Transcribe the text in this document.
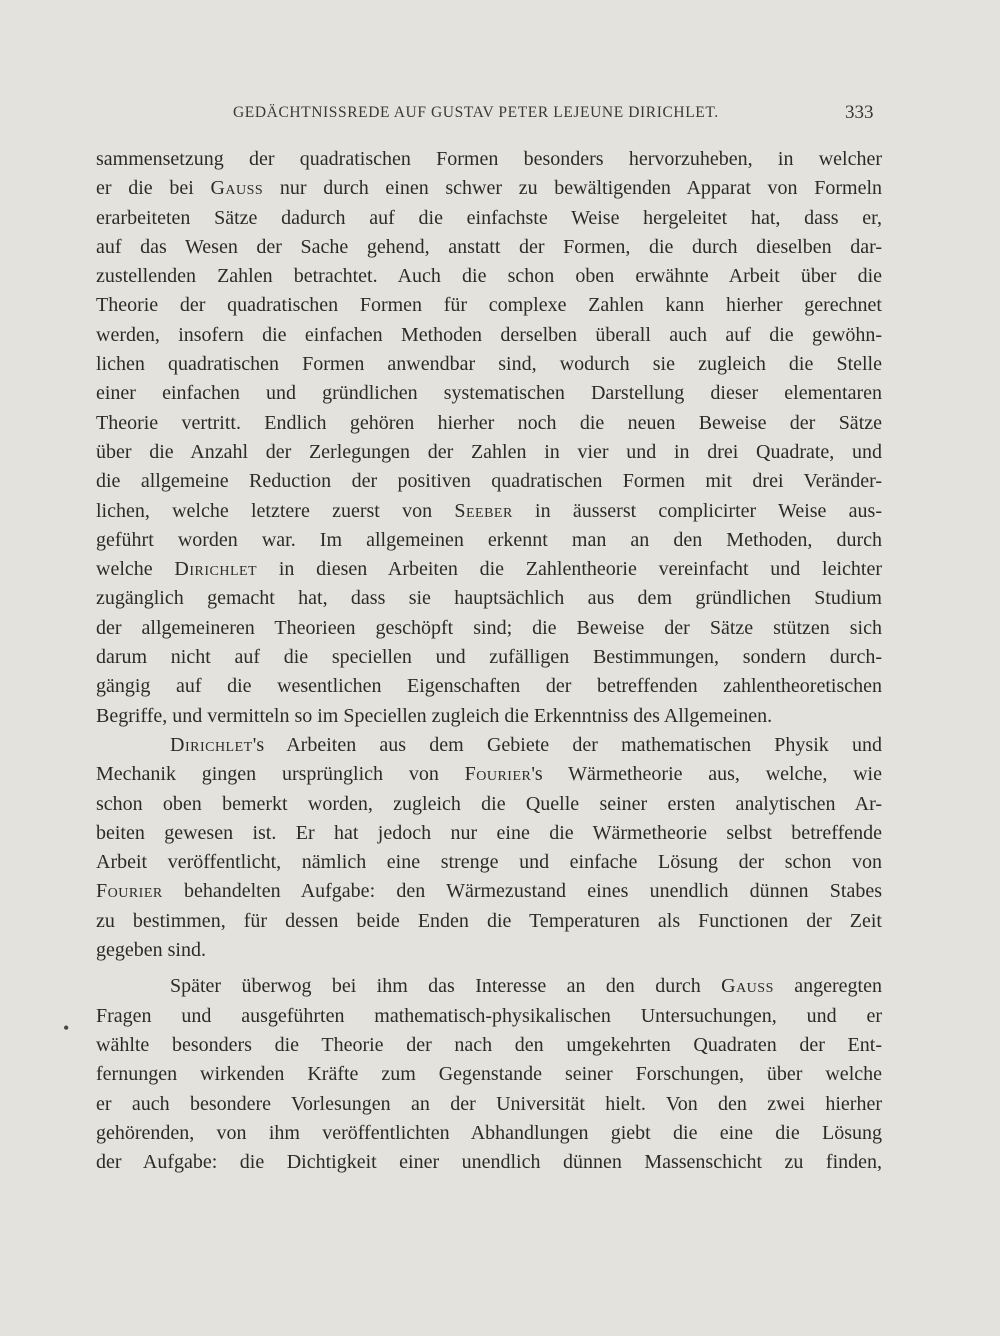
GEDÄCHTNISSREDE AUF GUSTAV PETER LEJEUNE DIRICHLET.	333
•
sammensetzung der quadratischen Formen besonders hervorzuheben, in welcher
er die bei Gauss nur durch einen schwer zu bewältigenden Apparat von Formeln
erarbeiteten Sätze dadurch auf die einfachste Weise hergeleitet hat, dass er,
auf das Wesen der Sache gehend, anstatt der Formen, die durch dieselben dar-
zustellenden Zahlen betrachtet. Auch die schon oben erwähnte Arbeit über die
Theorie der quadratischen Formen für complexe Zahlen kann hierher gerechnet
werden, insofern die einfachen Methoden derselben überall auch auf die gewöhn-
lichen quadratischen Formen anwendbar sind, wodurch sie zugleich die Stelle
einer einfachen und gründlichen systematischen Darstellung dieser elementaren
Theorie vertritt. Endlich gehören hierher noch die neuen Beweise der Sätze
über die Anzahl der Zerlegungen der Zahlen in vier und in drei Quadrate, und
die allgemeine Reduction der positiven quadratischen Formen mit drei Veränder-
lichen, welche letztere zuerst von Seeber in äusserst complicirter Weise aus-
geführt worden war. Im allgemeinen erkennt man an den Methoden, durch
welche Dirichlet in diesen Arbeiten die Zahlentheorie vereinfacht und leichter
zugänglich gemacht hat, dass sie hauptsächlich aus dem gründlichen Studium
der allgemeineren Theorieen geschöpft sind; die Beweise der Sätze stützen sich
darum nicht auf die speciellen und zufälligen Bestimmungen, sondern durch-
gängig auf die wesentlichen Eigenschaften der betreffenden zahlentheoretischen
Begriffe, und vermitteln so im Speciellen zugleich die Erkenntniss des Allgemeinen.
Dirichlet's Arbeiten aus dem Gebiete der mathematischen Physik und
Mechanik gingen ursprünglich von Fourier's Wärmetheorie aus, welche, wie
schon oben bemerkt worden, zugleich die Quelle seiner ersten analytischen Ar-
beiten gewesen ist. Er hat jedoch nur eine die Wärmetheorie selbst betreffende
Arbeit veröffentlicht, nämlich eine strenge und einfache Lösung der schon von
Fourier behandelten Aufgabe: den Wärmezustand eines unendlich dünnen Stabes
zu bestimmen, für dessen beide Enden die Temperaturen als Functionen der Zeit
gegeben sind.
Später überwog bei ihm das Interesse an den durch Gauss angeregten
Fragen und ausgeführten mathematisch-physikalischen Untersuchungen, und er
wählte besonders die Theorie der nach den umgekehrten Quadraten der Ent-
fernungen wirkenden Kräfte zum Gegenstande seiner Forschungen, über welche
er auch besondere Vorlesungen an der Universität hielt. Von den zwei hierher
gehörenden, von ihm veröffentlichten Abhandlungen giebt die eine die Lösung
der Aufgabe: die Dichtigkeit einer unendlich dünnen Massenschicht zu finden,
